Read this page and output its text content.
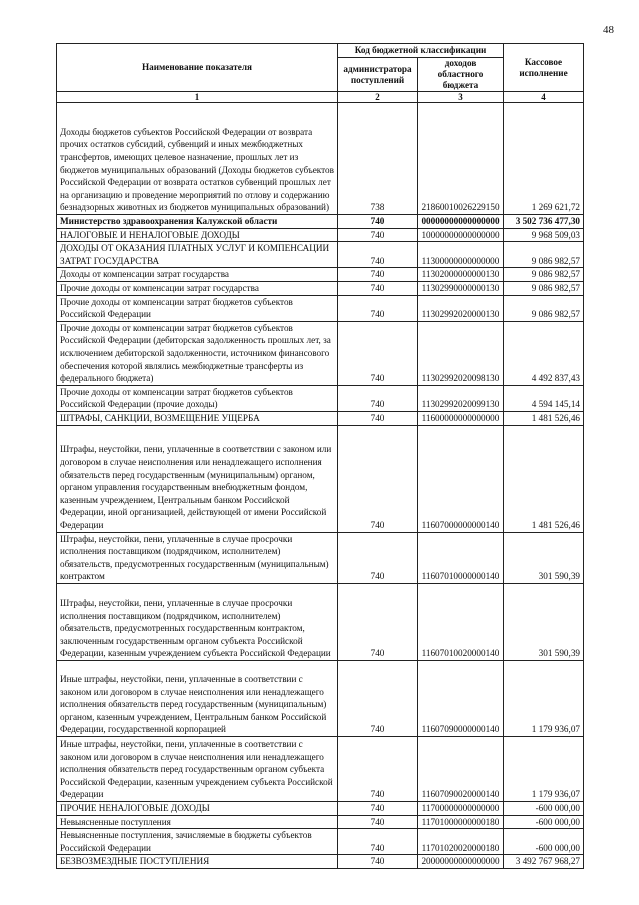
48
Наименование показателя	Код бюджетной классификации		Кассовое исполнение
	администратора поступлений	доходов областного бюджета	
1	2	3	4
Доходы бюджетов субъектов Российской Федерации от возврата прочих остатков субсидий, субвенций и иных межбюджетных трансфертов, имеющих целевое назначение, прошлых лет из бюджетов муниципальных образований (Доходы бюджетов субъектов Российской Федерации от возврата остатков субвенций прошлых лет на организацию и проведение мероприятий по отлову и содержанию безнадзорных животных из бюджетов муниципальных образований)	738	21860010026229150	1 269 621,72
Министерство здравоохранения Калужской области	740	00000000000000000	3 502 736 477,30
НАЛОГОВЫЕ И НЕНАЛОГОВЫЕ ДОХОДЫ	740	10000000000000000	9 968 509,03
ДОХОДЫ ОТ ОКАЗАНИЯ ПЛАТНЫХ УСЛУГ И КОМПЕНСАЦИИ ЗАТРАТ ГОСУДАРСТВА	740	11300000000000000	9 086 982,57
Доходы от компенсации затрат государства	740	11302000000000130	9 086 982,57
Прочие доходы от компенсации затрат государства	740	11302990000000130	9 086 982,57
Прочие доходы от компенсации затрат бюджетов субъектов Российской Федерации	740	11302992020000130	9 086 982,57
Прочие доходы от компенсации затрат бюджетов субъектов Российской Федерации (дебиторская задолженность прошлых лет, за исключением дебиторской задолженности, источником финансового обеспечения которой являлись межбюджетные трансферты из федерального бюджета)	740	11302992020098130	4 492 837,43
Прочие доходы от компенсации затрат бюджетов субъектов Российской Федерации (прочие доходы)	740	11302992020099130	4 594 145,14
ШТРАФЫ, САНКЦИИ, ВОЗМЕЩЕНИЕ УЩЕРБА	740	11600000000000000	1 481 526,46
Штрафы, неустойки, пени, уплаченные в соответствии с законом или договором в случае неисполнения или ненадлежащего исполнения обязательств перед государственным (муниципальным) органом, органом управления государственным внебюджетным фондом, казенным учреждением, Центральным банком Российской Федерации, иной организацией, действующей от имени Российской Федерации	740	11607000000000140	1 481 526,46
Штрафы, неустойки, пени, уплаченные в случае просрочки исполнения поставщиком (подрядчиком, исполнителем) обязательств, предусмотренных государственным (муниципальным) контрактом	740	11607010000000140	301 590,39
Штрафы, неустойки, пени, уплаченные в случае просрочки исполнения поставщиком (подрядчиком, исполнителем) обязательств, предусмотренных государственным контрактом, заключенным государственным органом субъекта Российской Федерации, казенным учреждением субъекта Российской Федерации	740	11607010020000140	301 590,39
Иные штрафы, неустойки, пени, уплаченные в соответствии с законом или договором в случае неисполнения или ненадлежащего исполнения обязательств перед государственным (муниципальным) органом, казенным учреждением, Центральным банком Российской Федерации, государственной корпорацией	740	11607090000000140	1 179 936,07
Иные штрафы, неустойки, пени, уплаченные в соответствии с законом или договором в случае неисполнения или ненадлежащего исполнения обязательств перед государственным органом субъекта Российской Федерации, казенным учреждением субъекта Российской Федерации	740	11607090020000140	1 179 936,07
ПРОЧИЕ НЕНАЛОГОВЫЕ ДОХОДЫ	740	11700000000000000	-600 000,00
Невыясненные поступления	740	11701000000000180	-600 000,00
Невыясненные поступления, зачисляемые в бюджеты субъектов Российской Федерации	740	11701020020000180	-600 000,00
БЕЗВОЗМЕЗДНЫЕ ПОСТУПЛЕНИЯ	740	20000000000000000	3 492 767 968,27
